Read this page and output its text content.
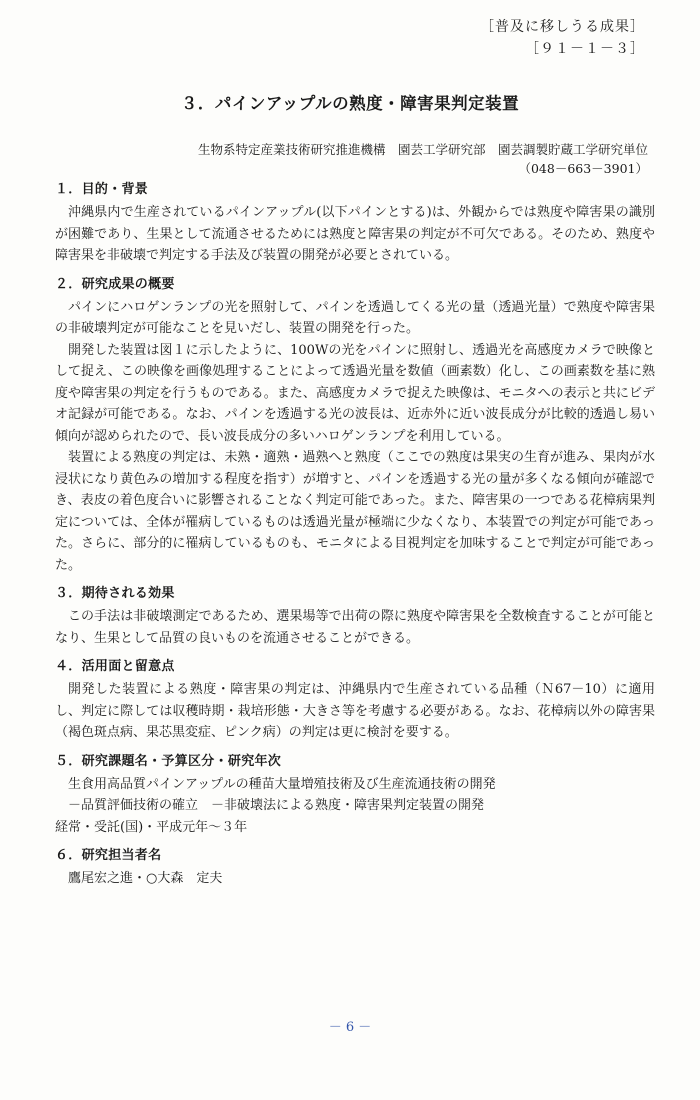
［普及に移しうる成果］
［９１－１－３］
３．パインアップルの熟度・障害果判定装置
生物系特定産業技術研究推進機構　園芸工学研究部　園芸調製貯蔵工学研究単位
（048－663－3901）
１．目的・背景

沖縄県内で生産されているパインアップル(以下パインとする)は、外観からでは熟度や障害果の識別が困難であり、生果として流通させるためには熟度と障害果の判定が不可欠である。そのため、熟度や障害果を非破壊で判定する手法及び装置の開発が必要とされている。

２．研究成果の概要

パインにハロゲンランプの光を照射して、パインを透過してくる光の量（透過光量）で熟度や障害果の非破壊判定が可能なことを見いだし、装置の開発を行った。

開発した装置は図１に示したように、100Wの光をパインに照射し、透過光を高感度カメラで映像として捉え、この映像を画像処理することによって透過光量を数値（画素数）化し、この画素数を基に熟度や障害果の判定を行うものである。また、高感度カメラで捉えた映像は、モニタへの表示と共にビデオ記録が可能である。なお、パインを透過する光の波長は、近赤外に近い波長成分が比較的透過し易い傾向が認められたので、長い波長成分の多いハロゲンランプを利用している。

装置による熟度の判定は、未熟・適熟・過熟へと熟度（ここでの熟度は果実の生育が進み、果肉が水浸状になり黄色みの増加する程度を指す）が増すと、パインを透過する光の量が多くなる傾向が確認でき、表皮の着色度合いに影響されることなく判定可能であった。また、障害果の一つである花樟病果判定については、全体が罹病しているものは透過光量が極端に少なくなり、本装置での判定が可能であった。さらに、部分的に罹病しているものも、モニタによる目視判定を加味することで判定が可能であった。

３．期待される効果

この手法は非破壊測定であるため、選果場等で出荷の際に熟度や障害果を全数検査することが可能となり、生果として品質の良いものを流通させることができる。

４．活用面と留意点

開発した装置による熟度・障害果の判定は、沖縄県内で生産されている品種（Ｎ67－10）に適用し、判定に際しては収穫時期・栽培形態・大きさ等を考慮する必要がある。なお、花樟病以外の障害果（褐色斑点病、果芯黒変症、ピンク病）の判定は更に検討を要する。

５．研究課題名・予算区分・研究年次
生食用高品質パインアップルの種苗大量増殖技術及び生産流通技術の開発
－品質評価技術の確立　－非破壊法による熟度・障害果判定装置の開発
経常・受託(国)・平成元年～３年
６．研究担当者名
鷹尾宏之進・○大森　定夫
－ 6 －
